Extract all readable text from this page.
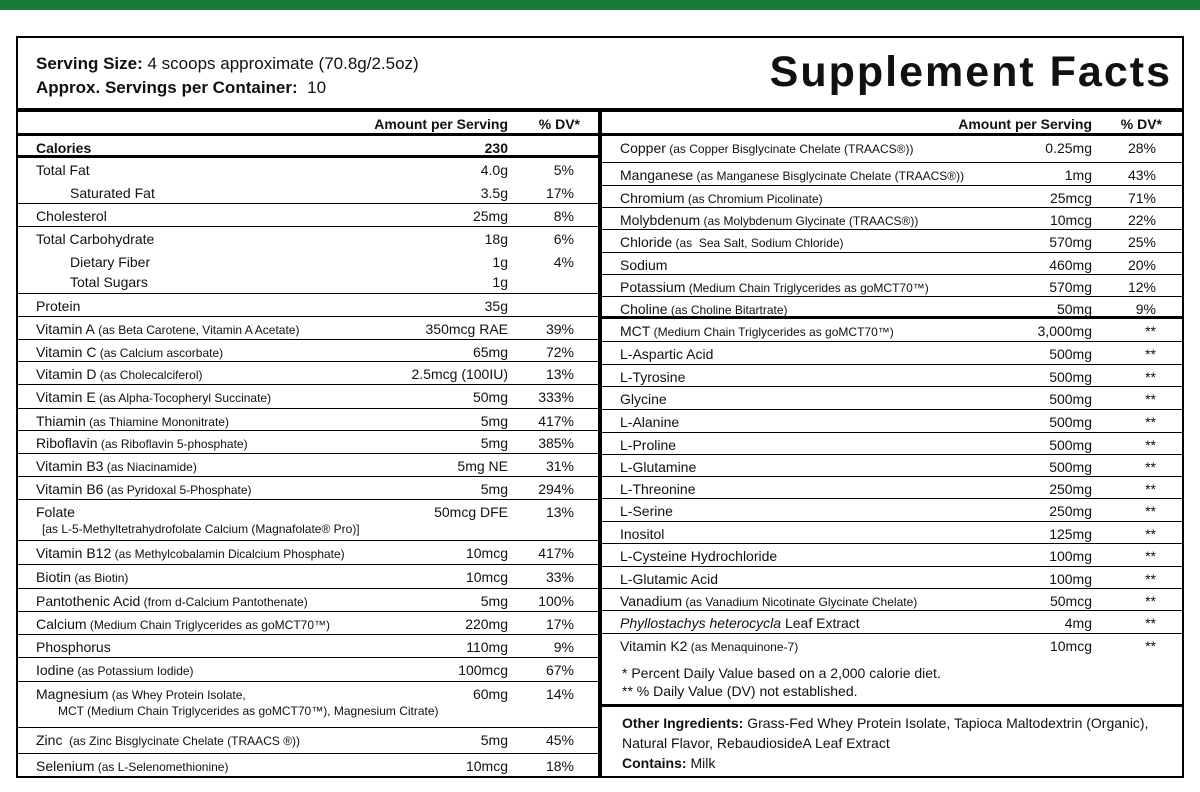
Serving Size: 4 scoops approximate (70.8g/2.5oz)
Approx. Servings per Container:  10	Supplement Facts
Amount per Serving % DV*
Calories	230
Total Fat	4.0g	5%
Saturated Fat	3.5g	17%
Cholesterol	25mg	8%
Total Carbohydrate	18g	6%
Dietary Fiber	1g	4%
Total Sugars	1g
Protein	35g
Vitamin A (as Beta Carotene, Vitamin A Acetate)	350mcg RAE	39%
Vitamin C (as Calcium ascorbate)	65mg	72%
Vitamin D (as Cholecalciferol)	2.5mcg (100IU)	13%
Vitamin E (as Alpha-Tocopheryl Succinate)	50mg 333%
Thiamin (as Thiamine Mononitrate)	5mg 417%
Riboflavin (as Riboflavin 5-phosphate)	5mg 385%
Vitamin B3 (as Niacinamide)	5mg NE	31%
Vitamin B6 (as Pyridoxal 5-Phosphate)	5mg 294%
Folate
[as L-5-Methyltetrahydrofolate Calcium (Magnafolate® Pro)]
50mcg DFE	13%
Vitamin B12 (as Methylcobalamin Dicalcium Phosphate)	10mcg 417%
Biotin (as Biotin)	10mcg	33%
Pantothenic Acid (from d-Calcium Pantothenate)	5mg 100%
Calcium (Medium Chain Triglycerides as goMCT70™)	220mg	17%
Phosphorus	110mg	9%
Iodine (as Potassium Iodide)	100mcg	67%
Magnesium (as Whey Protein Isolate,
MCT (Medium Chain Triglycerides as goMCT70™), Magnesium Citrate)
60mg	14%
Zinc  (as Zinc Bisglycinate Chelate (TRAACS ®))	5mg	45%
Selenium (as L-Selenomethionine)	10mcg	18%
Amount per Serving % DV*
Copper (as Copper Bisglycinate Chelate (TRAACS®))	0.25mg	28%
Manganese (as Manganese Bisglycinate Chelate (TRAACS®))	1mg	43%
Chromium (as Chromium Picolinate)	25mcg	71%
Molybdenum (as Molybdenum Glycinate (TRAACS®))	10mcg	22%
Chloride (as  Sea Salt, Sodium Chloride)	570mg	25%
Sodium	460mg	20%
Potassium (Medium Chain Triglycerides as goMCT70™)	570mg	12%
Choline (as Choline Bitartrate)	50mg	9%
MCT (Medium Chain Triglycerides as goMCT70™)	3,000mg	**
L-Aspartic Acid	500mg	**
L-Tyrosine	500mg	**
Glycine	500mg	**
L-Alanine	500mg	**
L-Proline	500mg	**
L-Glutamine	500mg	**
L-Threonine	250mg	**
L-Serine	250mg	**
Inositol	125mg	**
L-Cysteine Hydrochloride	100mg	**
L-Glutamic Acid	100mg	**
Vanadium (as Vanadium Nicotinate Glycinate Chelate)	50mcg	**
Phyllostachys heterocycla Leaf Extract	4mg	**
Vitamin K2 (as Menaquinone-7)	10mcg	**
* Percent Daily Value based on a 2,000 calorie diet.
** % Daily Value (DV) not established.
Other Ingredients: Grass-Fed Whey Protein Isolate, Tapioca Maltodextrin (Organic), Natural Flavor, RebaudiosideA Leaf Extract
Contains: Milk
